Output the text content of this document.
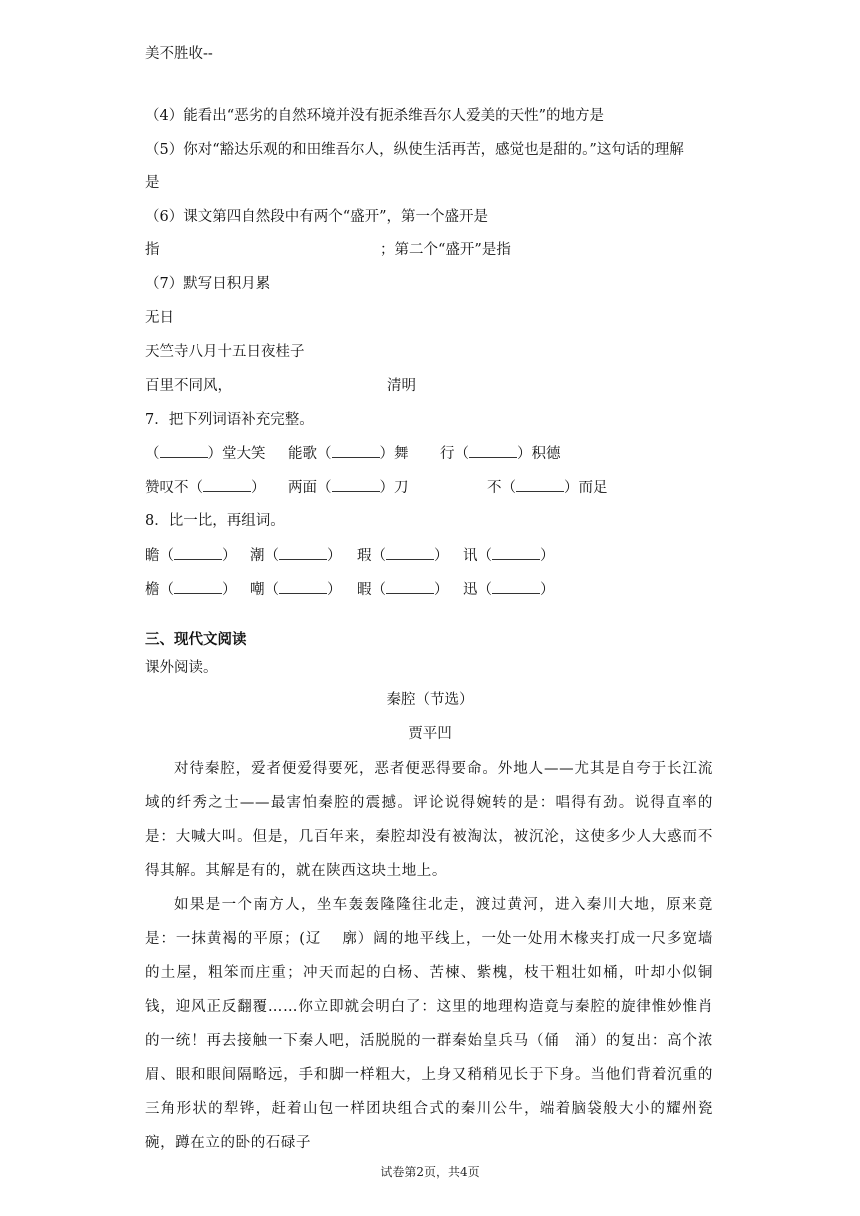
美不胜收--
（4）能看出“恶劣的自然环境并没有扼杀维吾尔人爱美的天性”的地方是
（5）你对“豁达乐观的和田维吾尔人，纵使生活再苦，感觉也是甜的。”这句话的理解
是
（6）课文第四自然段中有两个“盛开”，第一个盛开是
指	；第二个“盛开”是指
（7）默写日积月累
无日
天竺寺八月十五日夜桂子
百里不同风，	清明
7．把下列词语补充完整。
（	）堂大笑 能歌（	）舞 行（	）积德
赞叹不（	） 两面（	）刀	不（	）而足
8．比一比，再组词。
瞻（	） 潮（	） 瑕（	） 讯（	）
檐（	） 嘲（	） 暇（	） 迅（	）
三、现代文阅读
课外阅读。
秦腔（节选）
贾平凹

对待秦腔，爱者便爱得要死，恶者便恶得要命。外地人——尤其是自夸于长江流域的纤秀之士——最害怕秦腔的震撼。评论说得婉转的是：唱得有劲。说得直率的是：大喊大叫。但是，几百年来，秦腔却没有被淘汰，被沉沦，这使多少人大惑而不得其解。其解是有的，就在陕西这块土地上。

如果是一个南方人，坐车轰轰隆隆往北走，渡过黄河，进入秦川大地，原来竟是：一抹黄褐的平原；(辽　 廓）阔的地平线上，一处一处用木椽夹打成一尺多宽墙的土屋，粗笨而庄重；冲天而起的白杨、苦楝、紫槐，枝干粗壮如桶，叶却小似铜钱，迎风正反翻覆……你立即就会明白了：这里的地理构造竟与秦腔的旋律惟妙惟肖的一统！再去接触一下秦人吧，活脱脱的一群秦始皇兵马（俑　涌）的复出：高个浓眉、眼和眼间隔略远，手和脚一样粗大，上身又稍稍见长于下身。当他们背着沉重的三角形状的犁铧，赶着山包一样团块组合式的秦川公牛，端着脑袋般大小的耀州瓷碗，蹲在立的卧的石碌子

试卷第2页，共4页
